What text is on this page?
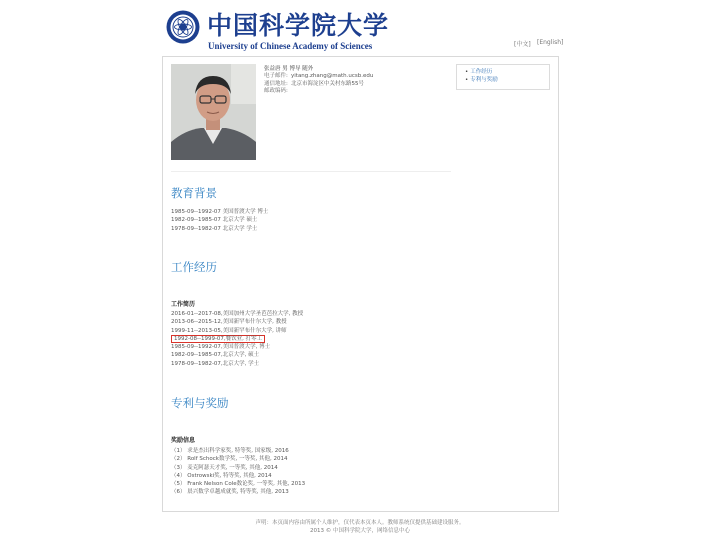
中国科学院大学
University of Chinese Academy of Sciences	[中文] [English]
张益唐 男 博导 随外
电子邮件: yitang.zhang@math.ucsb.edu
通信地址: 北京市海淀区中关村东路55号
邮政编码:
• 工作经历
• 专利与奖励
教育背景
1985-09--1992-07 美国普渡大学 博士
1982-09--1985-07 北京大学 硕士
1978-09--1982-07 北京大学 学士
工作经历
工作简历
2016-01--2017-08,美国加州大学圣芭芭拉大学, 教授
2013-06--2015-12,美国新罕布什尔大学, 教授
1999-11--2013-05,美国新罕布什尔大学, 讲师
1992-08--1999-07,餐饮业, 打零工
1985-09--1992-07,美国普渡大学, 博士
1982-09--1985-07,北京大学, 硕士
1978-09--1982-07,北京大学, 学士
专利与奖励
奖励信息
（1） 求是杰出科学家奖, 特等奖, 国家级, 2016
（2） Rolf Schock数学奖, 一等奖, 其他, 2014
（3） 麦克阿瑟天才奖, 一等奖, 其他, 2014
（4） Ostrowski奖, 特等奖, 其他, 2014
（5） Frank Nelson Cole数论奖, 一等奖, 其他, 2013
（6） 晨兴数学卓越成就奖, 特等奖, 其他, 2013
声明：本页面内容由所属个人维护，仅代表本页本人。教师系统仅提供基础建设服务。
2013 © 中国科学院大学，网络信息中心
